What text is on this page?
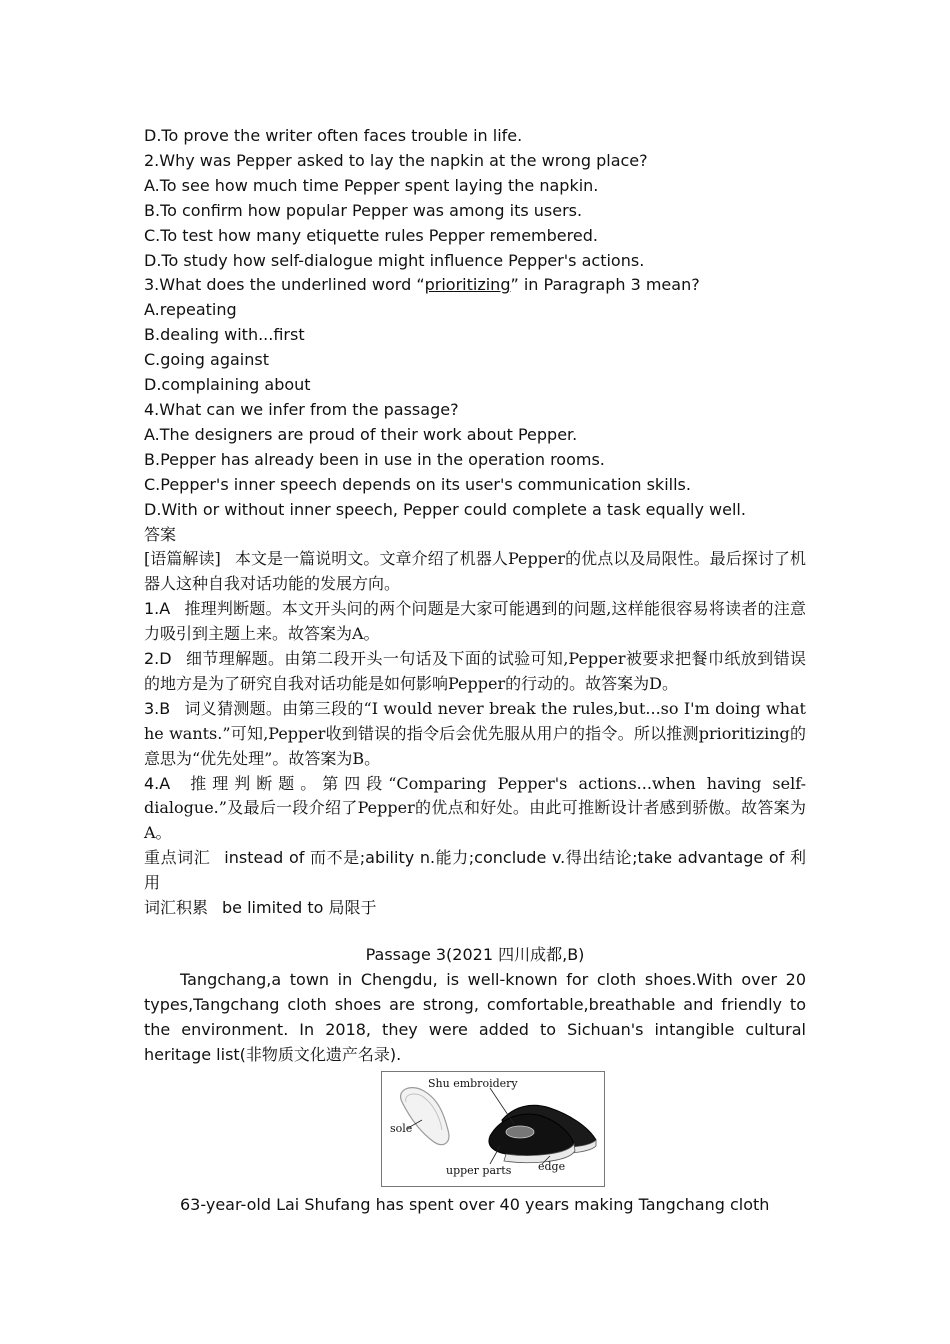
D.To prove the writer often faces trouble in life.
2.Why was Pepper asked to lay the napkin at the wrong place?
A.To see how much time Pepper spent laying the napkin.
B.To confirm how popular Pepper was among its users.
C.To test how many etiquette rules Pepper remembered.
D.To study how self-dialogue might influence Pepper's actions.
3.What does the underlined word “prioritizing” in Paragraph 3 mean?
A.repeating
B.dealing with...first
C.going against
D.complaining about
4.What can we infer from the passage?
A.The designers are proud of their work about Pepper.
B.Pepper has already been in use in the operation rooms.
C.Pepper's inner speech depends on its user's communication skills.
D.With or without inner speech, Pepper could complete a task equally well.
答案
[语篇解读] 本文是一篇说明文。文章介绍了机器人Pepper的优点以及局限性。最后探讨了机器人这种自我对话功能的发展方向。
1.A 推理判断题。本文开头问的两个问题是大家可能遇到的问题,这样能很容易将读者的注意力吸引到主题上来。故答案为A。
2.D 细节理解题。由第二段开头一句话及下面的试验可知,Pepper被要求把餐巾纸放到错误的地方是为了研究自我对话功能是如何影响Pepper的行动的。故答案为D。
3.B 词义猜测题。由第三段的“I would never break the rules,but...so I'm doing what he wants.”可知,Pepper收到错误的指令后会优先服从用户的指令。所以推测prioritizing的意思为“优先处理”。故答案为B。
4.A 推理判断题。第四段“Comparing Pepper's actions...when having self-dialogue.”及最后一段介绍了Pepper的优点和好处。由此可推断设计者感到骄傲。故答案为A。
重点词汇 instead of 而不是;ability n.能力;conclude v.得出结论;take advantage of 利用
词汇积累 be limited to 局限于
Passage 3(2021 四川成都,B)
Tangchang,a town in Chengdu, is well-known for cloth shoes.With over 20 types,Tangchang cloth shoes are strong, comfortable,breathable and friendly to the environment. In 2018, they were added to Sichuan's intangible cultural heritage list(非物质文化遗产名录).
Shu embroidery
sole
upper parts edge
63-year-old Lai Shufang has spent over 40 years making Tangchang cloth
